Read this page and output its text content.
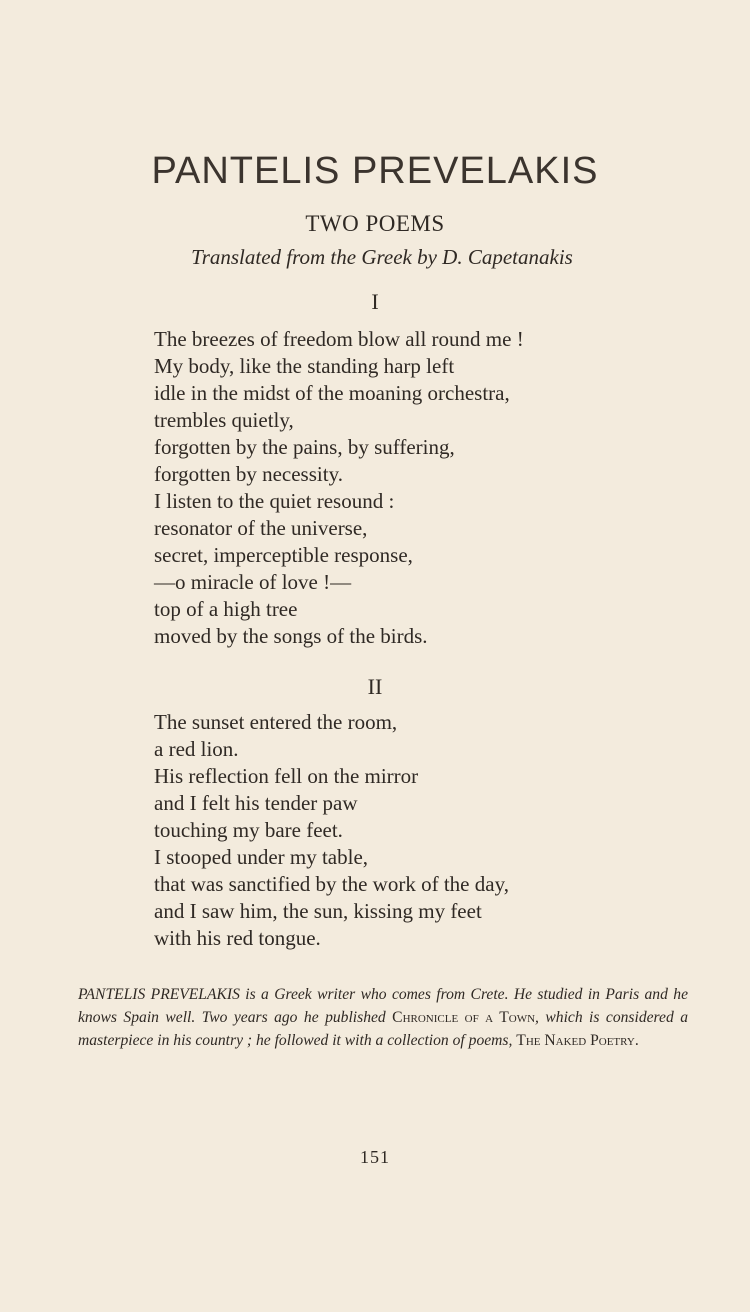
PANTELIS PREVELAKIS
TWO POEMS
Translated from the Greek by D. Capetanakis
I
The breezes of freedom blow all round me !
My body, like the standing harp left
idle in the midst of the moaning orchestra,
trembles quietly,
forgotten by the pains, by suffering,
forgotten by necessity.
I listen to the quiet resound :
resonator of the universe,
secret, imperceptible response,
—o miracle of love !—
top of a high tree
moved by the songs of the birds.
II
The sunset entered the room,
a red lion.
His reflection fell on the mirror
and I felt his tender paw
touching my bare feet.
I stooped under my table,
that was sanctified by the work of the day,
and I saw him, the sun, kissing my feet
with his red tongue.
PANTELIS PREVELAKIS is a Greek writer who comes from Crete. He studied in Paris and he knows Spain well. Two years ago he published Chronicle of a Town, which is considered a masterpiece in his country ; he followed it with a collection of poems, The Naked Poetry.
151
